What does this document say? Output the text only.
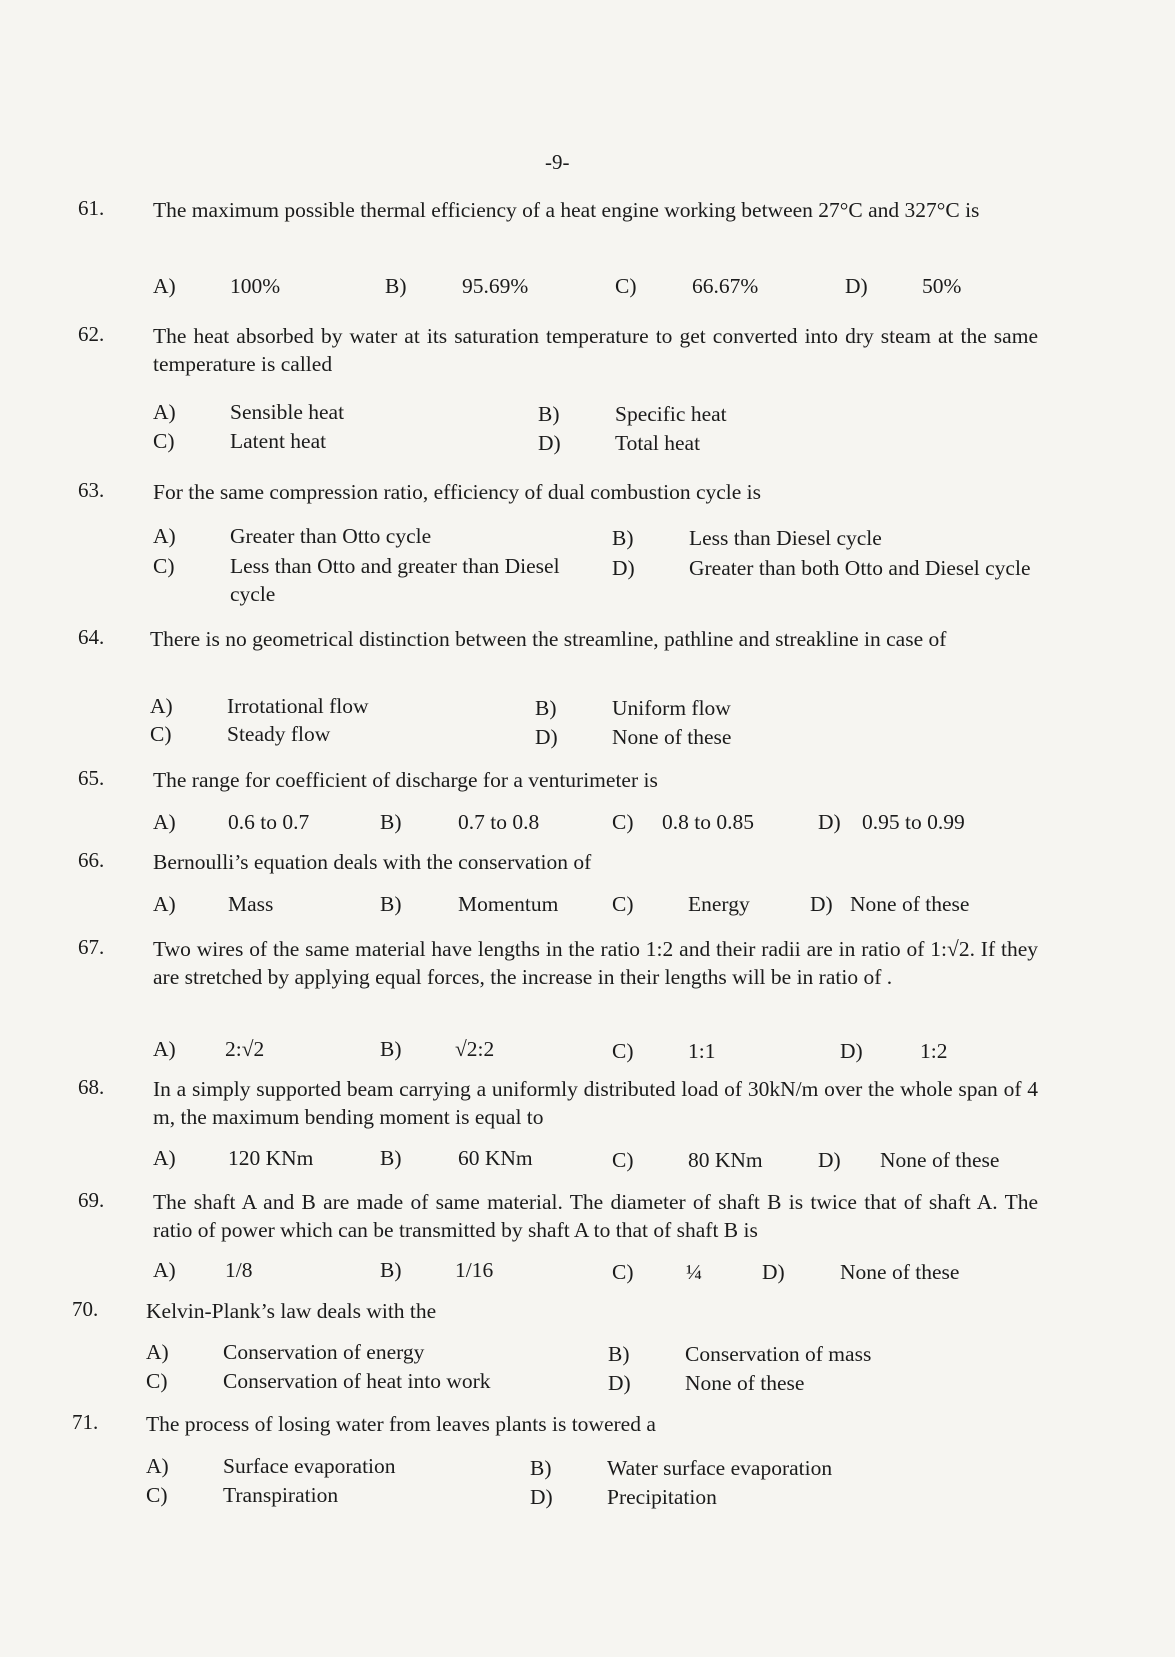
-9-
61. The maximum possible thermal efficiency of a heat engine working between 27°C and 327°C is
A)	100%	B)	95.69%	C)	66.67%	D)	50%
62. The heat absorbed by water at its saturation temperature to get converted into dry steam at the same temperature is called
A)	Sensible heat	B)	Specific heat
C)	Latent heat	D)	Total heat
63. For the same compression ratio, efficiency of dual combustion cycle is
A)	Greater than Otto cycle	B)	Less than Diesel cycle
C)	Less than Otto and greater than Diesel cycle
D)	Greater than both Otto and Diesel cycle
64. There is no geometrical distinction between the streamline, pathline and streakline in case of
A)	Irrotational flow	B)	Uniform flow
C)	Steady flow	D)	None of these
65. The range for coefficient of discharge for a venturimeter is
A) 0.6 to 0.7	B)	0.7 to 0.8	C) 0.8 to 0.85	D) 0.95 to 0.99
66. Bernoulli’s equation deals with the conservation of
A) Mass	B)	Momentum C)	Energy	D) None of these
67. Two wires of the same material have lengths in the ratio 1:2 and their radii are in ratio of 1:√2. If they are stretched by applying equal forces, the increase in their lengths will be in ratio of .
A) 2:√2	B) √2:2	C)	1:1	D)	1:2
68. In a simply supported beam carrying a uniformly distributed load of 30kN/m over the whole span of 4 m, the maximum bending moment is equal to
A) 120 KNm	B)	60 KNm	C)	80 KNm	D) None of these
69. The shaft A and B are made of same material. The diameter of shaft B is twice that of shaft A. The ratio of power which can be transmitted by shaft A to that of shaft B is
A) 1/8	B) 1/16	C) ¼	D)	None of these
70. Kelvin-Plank’s law deals with the
A)	Conservation of energy	B)	Conservation of mass
C)	Conservation of heat into work	D)	None of these
71. The process of losing water from leaves plants is towered a
A)	Surface evaporation	B)	Water surface evaporation
C)	Transpiration	D)	Precipitation
